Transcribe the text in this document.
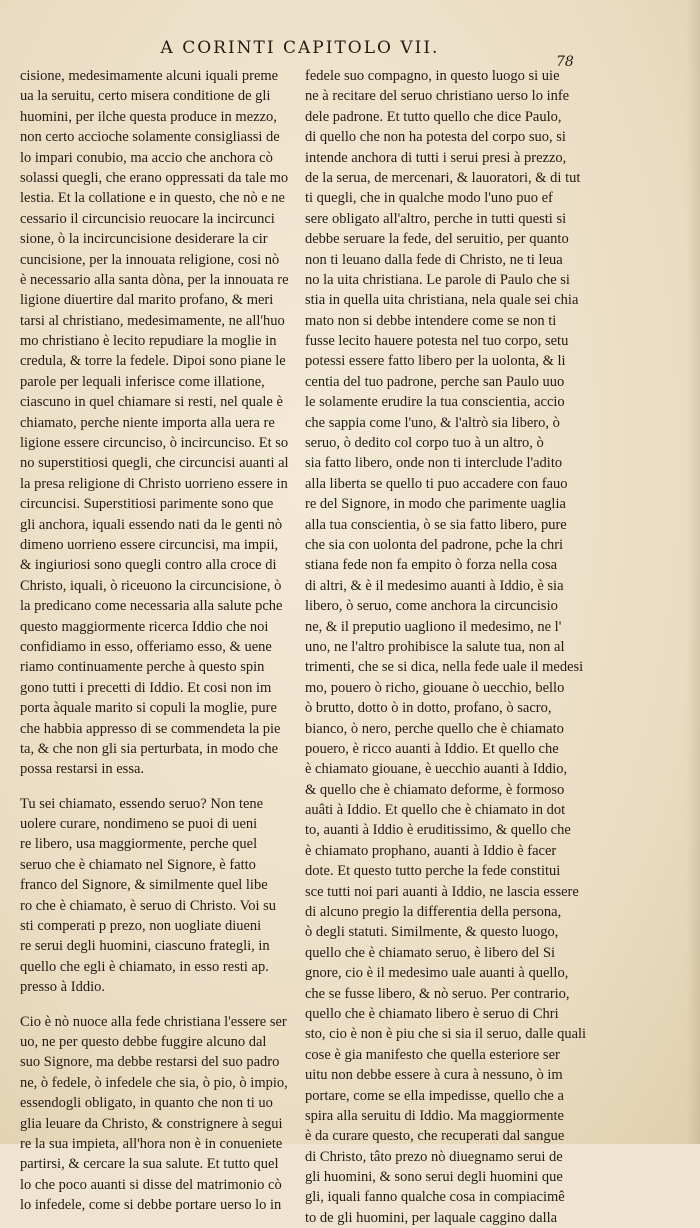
A CORINTI CAPITOLO VII.
78
cisione, medesimamente alcuni iquali preme
ua la seruitu, certo misera conditione de gli
huomini, per ilche questa produce in mezzo,
non certo accioche solamente consigliassi de
lo impari conubio, ma accio che anchora cò
solassi quegli, che erano oppressati da tale mo
lestia. Et la collatione e in questo, che nò e ne
cessario il circuncisio reuocare la incircunci
sione, ò la incircuncisione desiderare la cir
cuncisione, per la innouata religione, cosi nò
è necessario alla santa dòna, per la innouata re
ligione diuertire dal marito profano, & meri
tarsi al christiano, medesimamente, ne all'huo
mo christiano è lecito repudiare la moglie in
credula, & torre la fedele. Dipoi sono piane le
parole per lequali inferisce come illatione,
ciascuno in quel chiamare si resti, nel quale è
chiamato, perche niente importa alla uera re
ligione essere circunciso, ò incircunciso. Et so
no superstitiosi quegli, che circuncisi auanti al
la presa religione di Christo uorrieno essere in
circuncisi. Superstitiosi parimente sono que
gli anchora, iquali essendo nati da le genti nò
dimeno uorrieno essere circuncisi, ma impii,
& ingiuriosi sono quegli contro alla croce di
Christo, iquali, ò riceuono la circuncisione, ò
la predicano come necessaria alla salute pche
questo maggiormente ricerca Iddio che noi
confidiamo in esso, offeriamo esso, & uene
riamo continuamente perche à questo spin
gono tutti i precetti di Iddio. Et cosi non im
porta àquale marito si copuli la moglie, pure
che habbia appresso di se commendeta la pie
ta, & che non gli sia perturbata, in modo che
possa restarsi in essa.
Tu sei chiamato, essendo seruo? Non tene
uolere curare, nondimeno se puoi di ueni
re libero, usa maggiormente, perche quel
seruo che è chiamato nel Signore, è fatto
franco del Signore, & similmente quel libe
ro che è chiamato, è seruo di Christo. Voi su
sti comperati p prezo, non uogliate diueni
re serui degli huomini, ciascuno frategli, in
quello che egli è chiamato, in esso resti ap.
presso à Iddio.
Cio è nò nuoce alla fede christiana l'essere ser
uo, ne per questo debbe fuggire alcuno dal
suo Signore, ma debbe restarsi del suo padro
ne, ò fedele, ò infedele che sia, ò pio, ò impio,
essendogli obligato, in quanto che non ti uo
glia leuare da Christo, & constrignere à segui
re la sua impieta, all'hora non è in conueniete
partirsi, & cercare la sua salute. Et tutto quel
lo che poco auanti si disse del matrimonio cò
lo infedele, come si debbe portare uerso lo in
fedele suo compagno, in questo luogo si uie
ne à recitare del seruo christiano uerso lo infe
dele padrone. Et tutto quello che dice Paulo,
di quello che non ha potesta del corpo suo, si
intende anchora di tutti i serui presi à prezzo,
de la serua, de mercenari, & lauoratori, & di tut
ti quegli, che in qualche modo l'uno puo ef
sere obligato all'altro, perche in tutti questi si
debbe seruare la fede, del seruitio, per quanto
non ti leuano dalla fede di Christo, ne ti leua
no la uita christiana. Le parole di Paulo che si
stia in quella uita christiana, nela quale sei chia
mato non si debbe intendere come se non ti
fusse lecito hauere potesta nel tuo corpo, setu
potessi essere fatto libero per la uolonta, & li
centia del tuo padrone, perche san Paulo uuo
le solamente erudire la tua conscientia, accio
che sappia come l'uno, & l'altrò sia libero, ò
seruo, ò dedito col corpo tuo à un altro, ò
sia fatto libero, onde non ti interclude l'adito
alla liberta se quello ti puo accadere con fauo
re del Signore, in modo che parimente uaglia
alla tua conscientia, ò se sia fatto libero, pure
che sia con uolonta del padrone, pche la chri
stiana fede non fa empito ò forza nella cosa
di altri, & è il medesimo auanti à Iddio, è sia
libero, ò seruo, come anchora la circuncisio
ne, & il preputio uagliono il medesimo, ne l'
uno, ne l'altro prohibisce la salute tua, non al
trimenti, che se si dica, nella fede uale il medesi
mo, pouero ò richo, giouane ò uecchio, bello
ò brutto, dotto ò in dotto, profano, ò sacro,
bianco, ò nero, perche quello che è chiamato
pouero, è ricco auanti à Iddio. Et quello che
è chiamato giouane, è uecchio auanti à Iddio,
& quello che è chiamato deforme, è formoso
auâti à Iddio. Et quello che è chiamato in dot
to, auanti à Iddio è eruditissimo, & quello che
è chiamato prophano, auanti à Iddio è facer
dote. Et questo tutto perche la fede constitui
sce tutti noi pari auanti à Iddio, ne lascia essere
di alcuno pregio la differentia della persona,
ò degli statuti. Similmente, & questo luogo,
quello che è chiamato seruo, è libero del Si
gnore, cio è il medesimo uale auanti à quello,
che se fusse libero, & nò seruo. Per contrario,
quello che è chiamato libero è seruo di Chri
sto, cio è non è piu che si sia il seruo, dalle quali
cose è gia manifesto che quella esteriore ser
uitu non debbe essere à cura à nessuno, ò im
portare, come se ella impedisse, quello che a
spira alla seruitu di Iddio. Ma maggiormente
è da curare questo, che recuperati dal sangue
di Christo, tâto prezo nò diuegnamo serui de
gli huomini, & sono serui degli huomini que
gli, iquali fanno qualche cosa in compiacimê
to de gli huomini, per laquale caggino dalla
